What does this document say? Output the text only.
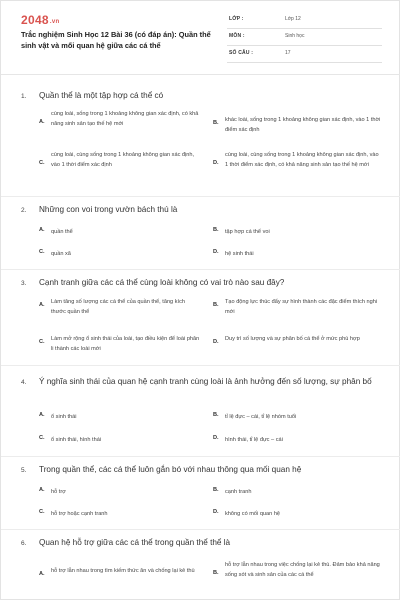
2048.vn
Trắc nghiệm Sinh Học 12 Bài 36 (có đáp án): Quần thể sinh vật và mối quan hệ giữa các cá thể
LỚP :	Lớp 12
MÔN :	Sinh học
SỐ CÂU :	17
1. Quần thể là một tập hợp cá thể có
A.
cùng loài, sống trong 1 khoảng không gian xác định, có khả năng sinh sản tạo thế hệ mới	B.	khác loài, sống trong 1 khoảng không gian xác định, vào 1 thời điểm xác định
C.
cùng loài, cùng sống trong 1 khoảng không gian xác định, vào 1 thời điểm xác định	D.
cùng loài, cùng sống trong 1 khoảng không gian xác định, vào 1 thời điểm xác định, có khả năng sinh sản tạo thế hệ mới
2. Những con voi trong vườn bách thú là
A.	quần thể	B.	tập hợp cá thể voi
C.	quần xã	D.	hệ sinh thái
3. Cạnh tranh giữa các cá thể cùng loài không có vai trò nào sau đây?
A.	Làm tăng số lượng các cá thể của quần thể, tăng kích thước quần thể
B.	Tạo động lực thúc đẩy sự hình thành các đặc điểm thích nghi mới
C.	Làm mở rộng ổ sinh thái của loài, tạo điều kiện để loài phân li thành các loài mới
D.	Duy trì số lượng và sự phân bố cá thể ở mức phù hợp
4. Ý nghĩa sinh thái của quan hệ cạnh tranh cùng loài là ảnh hưởng đến số lượng, sự phân bố
A.	ổ sinh thái	B.	tỉ lệ đực – cái, tỉ lệ nhóm tuổi
C.	ổ sinh thái, hình thái	D.	hình thái, tỉ lệ đực – cái
5. Trong quần thể, các cá thể luôn gắn bó với nhau thông qua mối quan hệ
A.	hỗ trợ	B.	cạnh tranh
C.	hỗ trợ hoặc cạnh tranh	D.	không có mối quan hệ
6. Quan hệ hỗ trợ giữa các cá thể trong quần thể thể là
A.	hỗ trợ lẫn nhau trong tìm kiếm thức ăn và chống lại kẻ thù	B.
hỗ trợ lẫn nhau trong việc chống lại kẻ thù. Đảm bảo khả năng sống sót và sinh sản của các cá thể
